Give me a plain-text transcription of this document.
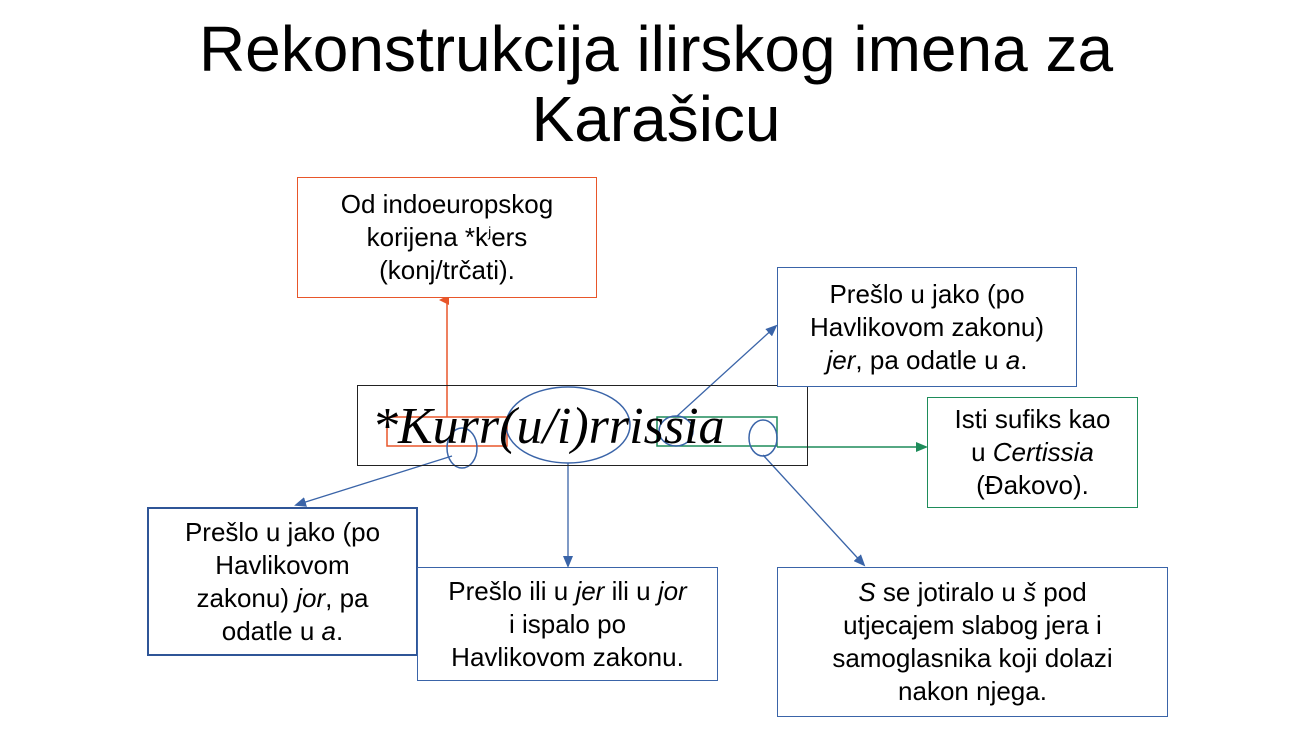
Rekonstrukcija ilirskog imena za
Karašicu
*Kurr(u/i)rrissia
Od indoeuropskog
korijena $*k^jers$
(konj/trčati).
Prešlo u jako (po
Havlikovom zakonu)
jer, pa odatle u a.
Isti sufiks kao
u Certissia
(Đakovo).
Prešlo u jako (po
Havlikovom
zakonu) jor, pa
odatle u a.
Prešlo ili u jer ili u jor
i ispalo po
Havlikovom zakonu.
S se jotiralo u š pod
utjecajem slabog jera i
samoglasnika koji dolazi
nakon njega.
